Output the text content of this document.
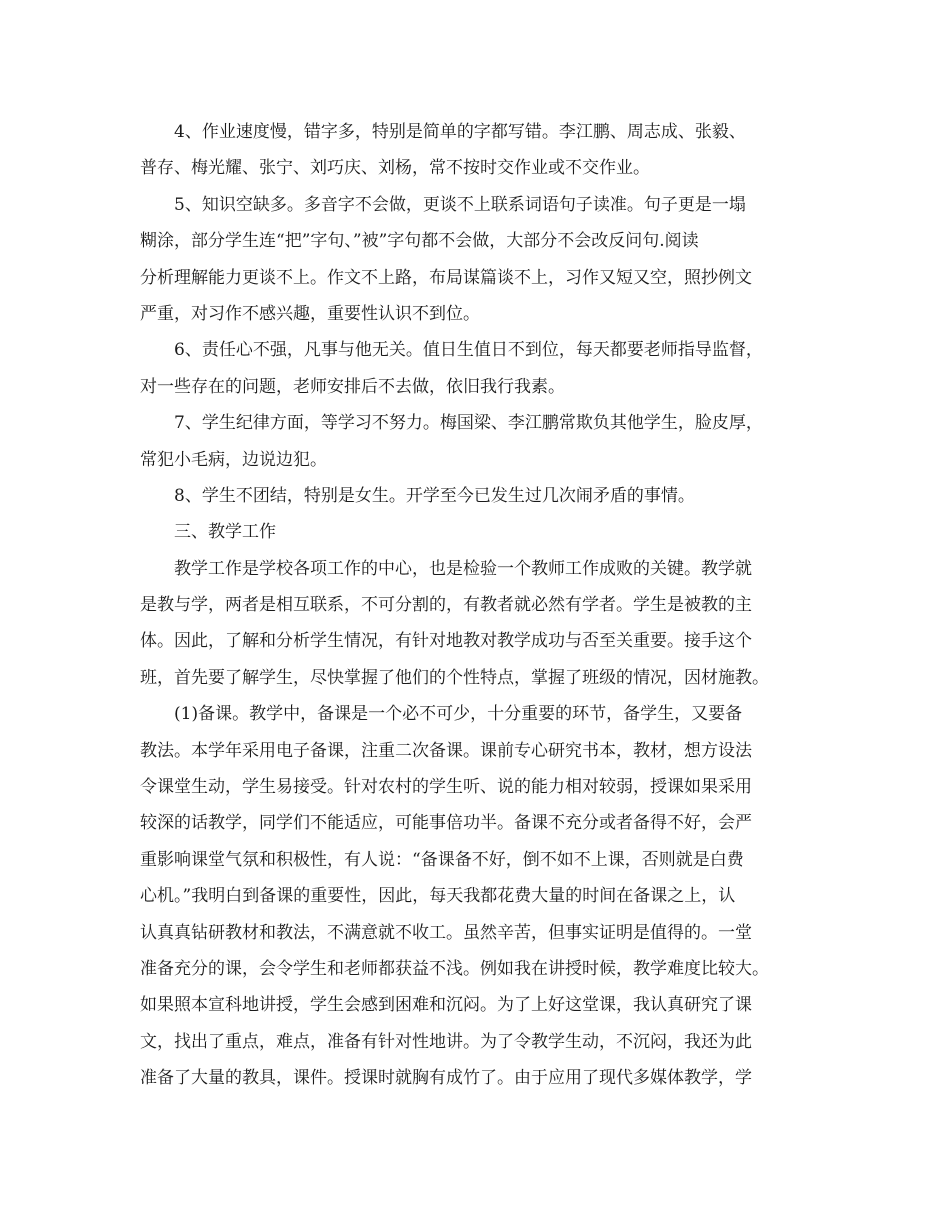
4、作业速度慢，错字多，特别是简单的字都写错。李江鹏、周志成、张毅、
普存、梅光耀、张宁、刘巧庆、刘杨，常不按时交作业或不交作业。
5、知识空缺多。多音字不会做，更谈不上联系词语句子读准。句子更是一塌
糊涂，部分学生连“把”字句、”被”字句都不会做，大部分不会改反问句.阅读
分析理解能力更谈不上。作文不上路，布局谋篇谈不上，习作又短又空，照抄例文
严重，对习作不感兴趣，重要性认识不到位。
6、责任心不强，凡事与他无关。值日生值日不到位，每天都要老师指导监督，
对一些存在的问题，老师安排后不去做，依旧我行我素。
7、学生纪律方面，等学习不努力。梅国梁、李江鹏常欺负其他学生，脸皮厚，
常犯小毛病，边说边犯。
8、学生不团结，特别是女生。开学至今已发生过几次闹矛盾的事情。
三、教学工作
教学工作是学校各项工作的中心，也是检验一个教师工作成败的关键。教学就
是教与学，两者是相互联系，不可分割的，有教者就必然有学者。学生是被教的主
体。因此，了解和分析学生情况，有针对地教对教学成功与否至关重要。接手这个
班，首先要了解学生，尽快掌握了他们的个性特点，掌握了班级的情况，因材施教。
(1)备课。教学中，备课是一个必不可少，十分重要的环节，备学生，又要备
教法。本学年采用电子备课，注重二次备课。课前专心研究书本，教材，想方设法
令课堂生动，学生易接受。针对农村的学生听、说的能力相对较弱，授课如果采用
较深的话教学，同学们不能适应，可能事倍功半。备课不充分或者备得不好，会严
重影响课堂气氛和积极性，有人说：“备课备不好，倒不如不上课，否则就是白费
心机。”我明白到备课的重要性，因此，每天我都花费大量的时间在备课之上，认
认真真钻研教材和教法，不满意就不收工。虽然辛苦，但事实证明是值得的。一堂
准备充分的课，会令学生和老师都获益不浅。例如我在讲授时候，教学难度比较大。
如果照本宣科地讲授，学生会感到困难和沉闷。为了上好这堂课，我认真研究了课
文，找出了重点，难点，准备有针对性地讲。为了令教学生动，不沉闷，我还为此
准备了大量的教具，课件。授课时就胸有成竹了。由于应用了现代多媒体教学，学
